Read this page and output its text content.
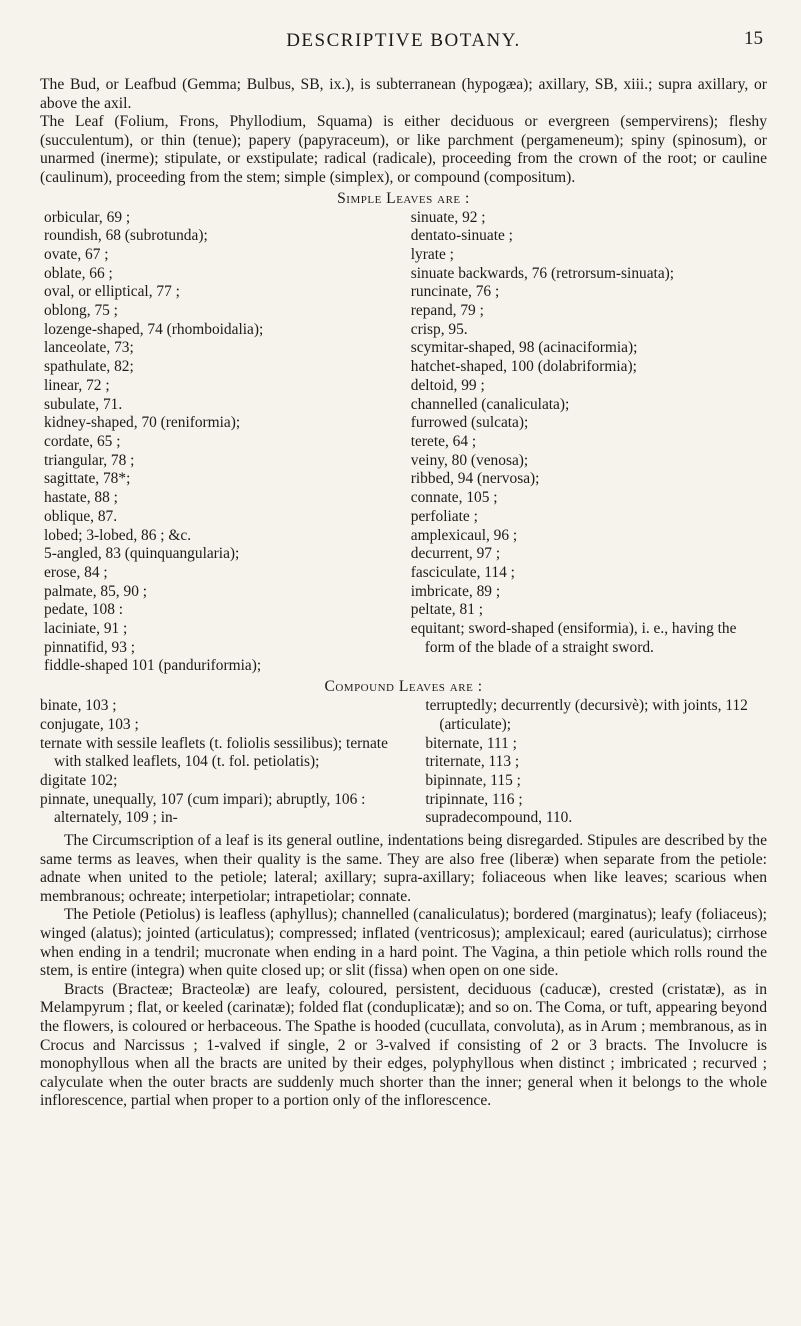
DESCRIPTIVE BOTANY.	15

The Bud, or Leafbud (Gemma; Bulbus, SB, ix.), is subterranean (hypogæa); axillary, SB, xiii.; supra axillary, or above the axil.

The Leaf (Folium, Frons, Phyllodium, Squama) is either deciduous or evergreen (sempervirens); fleshy (succulentum), or thin (tenue); papery (papyraceum), or like parchment (pergameneum); spiny (spinosum), or unarmed (inerme); stipulate, or exstipulate; radical (radicale), proceeding from the crown of the root; or cauline (caulinum), proceeding from the stem; simple (simplex), or compound (compositum).

Simple Leaves are :
orbicular, 69 ;
roundish, 68 (subrotunda);
ovate, 67 ;
oblate, 66 ;
oval, or elliptical, 77 ;
oblong, 75 ;
lozenge-shaped, 74 (rhomboidalia);
lanceolate, 73;
spathulate, 82;
linear, 72 ;
subulate, 71.
kidney-shaped, 70 (reniformia);
cordate, 65 ;
triangular, 78 ;
sagittate, 78*;
hastate, 88 ;
oblique, 87.
lobed; 3-lobed, 86 ; &c.
5-angled, 83 (quinquangularia);
erose, 84 ;
palmate, 85, 90 ;
pedate, 108 :
laciniate, 91 ;
pinnatifid, 93 ;
fiddle-shaped 101 (panduriformia);
sinuate, 92 ;
dentato-sinuate ;
lyrate ;
sinuate backwards, 76 (retrorsum-sinuata);
runcinate, 76 ;
repand, 79 ;
crisp, 95.
scymitar-shaped, 98 (acinaciformia);
hatchet-shaped, 100 (dolabriformia);
deltoid, 99 ;
channelled (canaliculata);
furrowed (sulcata);
terete, 64 ;
veiny, 80 (venosa);
ribbed, 94 (nervosa);
connate, 105 ;
perfoliate ;
amplexicaul, 96 ;
decurrent, 97 ;
fasciculate, 114 ;
imbricate, 89 ;
peltate, 81 ;
equitant; sword-shaped (ensiformia), i. e., having the form of the blade of a straight sword.
Compound Leaves are :
binate, 103 ;
conjugate, 103 ;
ternate with sessile leaflets (t. foliolis sessilibus); ternate with stalked leaflets, 104 (t. fol. petiolatis);
digitate 102;
pinnate, unequally, 107 (cum impari); abruptly, 106 : alternately, 109 ; in-
terruptedly; decurrently (decursivè); with joints, 112 (articulate);
biternate, 111 ;
triternate, 113 ;
bipinnate, 115 ;
tripinnate, 116 ;
supradecompound, 110.

The Circumscription of a leaf is its general outline, indentations being disregarded. Stipules are described by the same terms as leaves, when their quality is the same. They are also free (liberæ) when separate from the petiole: adnate when united to the petiole; lateral; axillary; supra-axillary; foliaceous when like leaves; scarious when membranous; ochreate; interpetiolar; intrapetiolar; connate.

The Petiole (Petiolus) is leafless (aphyllus); channelled (canaliculatus); bordered (marginatus); leafy (foliaceus); winged (alatus); jointed (articulatus); compressed; inflated (ventricosus); amplexicaul; eared (auriculatus); cirrhose when ending in a tendril; mucronate when ending in a hard point. The Vagina, a thin petiole which rolls round the stem, is entire (integra) when quite closed up; or slit (fissa) when open on one side.

Bracts (Bracteæ; Bracteolæ) are leafy, coloured, persistent, deciduous (caducæ), crested (cristatæ), as in Melampyrum ; flat, or keeled (carinatæ); folded flat (conduplicatæ); and so on. The Coma, or tuft, appearing beyond the flowers, is coloured or herbaceous. The Spathe is hooded (cucullata, convoluta), as in Arum ; membranous, as in Crocus and Narcissus ; 1-valved if single, 2 or 3-valved if consisting of 2 or 3 bracts. The Involucre is monophyllous when all the bracts are united by their edges, polyphyllous when distinct ; imbricated ; recurved ; calyculate when the outer bracts are suddenly much shorter than the inner; general when it belongs to the whole inflorescence, partial when proper to a portion only of the inflorescence.
